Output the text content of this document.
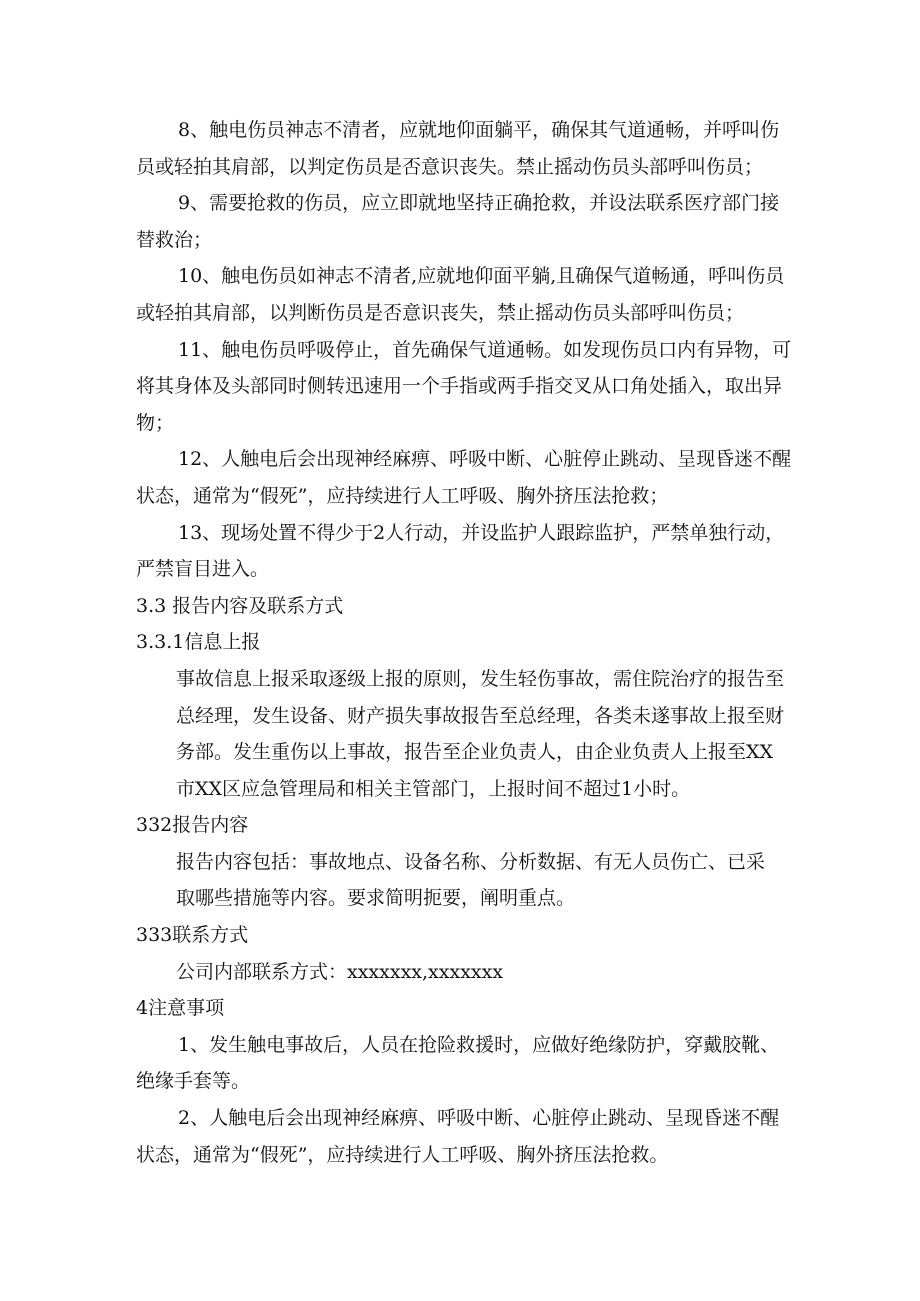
8、触电伤员神志不清者，应就地仰面躺平，确保其气道通畅，并呼叫伤
员或轻拍其肩部，以判定伤员是否意识丧失。禁止摇动伤员头部呼叫伤员；
9、需要抢救的伤员，应立即就地坚持正确抢救，并设法联系医疗部门接
替救治；
10、触电伤员如神志不清者,应就地仰面平躺,且确保气道畅通，呼叫伤员
或轻拍其肩部，以判断伤员是否意识丧失，禁止摇动伤员头部呼叫伤员；
11、触电伤员呼吸停止，首先确保气道通畅。如发现伤员口内有异物，可
将其身体及头部同时侧转迅速用一个手指或两手指交叉从口角处插入，取出异
物；
12、人触电后会出现神经麻痹、呼吸中断、心脏停止跳动、呈现昏迷不醒
状态，通常为“假死”，应持续进行人工呼吸、胸外挤压法抢救；
13、现场处置不得少于2人行动，并设监护人跟踪监护，严禁单独行动，
严禁盲目进入。
3.3 报告内容及联系方式
3.3.1信息上报
事故信息上报采取逐级上报的原则，发生轻伤事故，需住院治疗的报告至
总经理，发生设备、财产损失事故报告至总经理，各类未遂事故上报至财
务部。发生重伤以上事故，报告至企业负责人，由企业负责人上报至XX
市XX区应急管理局和相关主管部门，上报时间不超过1小时。
332报告内容
报告内容包括：事故地点、设备名称、分析数据、有无人员伤亡、已采
取哪些措施等内容。要求简明扼要，阐明重点。
333联系方式
公司内部联系方式：xxxxxxx,xxxxxxx
4注意事项
1、发生触电事故后，人员在抢险救援时，应做好绝缘防护，穿戴胶靴、
绝缘手套等。
2、人触电后会出现神经麻痹、呼吸中断、心脏停止跳动、呈现昏迷不醒
状态，通常为“假死”，应持续进行人工呼吸、胸外挤压法抢救。
